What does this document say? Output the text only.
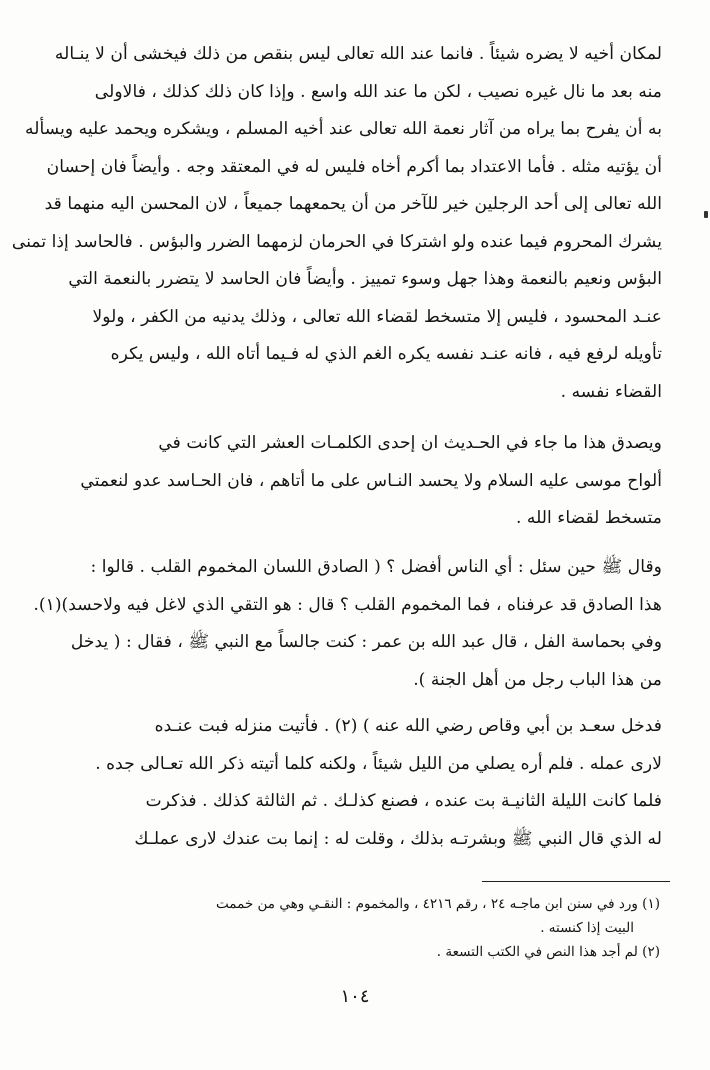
لمكان أخيه لا يضره شيئاً . فانما عند الله تعالى ليس بنقص من ذلك فيخشى أن لا ينـاله
منه بعد ما نال غيره نصيب ، لكن ما عند الله واسع . وإذا كان ذلك كذلك ، فالاولى
به أن يفرح بما يراه من آثار نعمة الله تعالى عند أخيه المسلم ، ويشكره ويحمد عليه ويسأله
أن يؤتيه مثله . فأما الاعتداد بما أكرم أخاه فليس له في المعتقد وجه . وأيضاً فان إحسان
الله تعالى إلى أحد الرجلين خير للآخر من أن يحمعهما جميعاً ، لان المحسن اليه منهما قد
يشرك المحروم فيما عنده ولو اشتركا في الحرمان لزمهما الضرر والبؤس . فالحاسد إذا تمنى
البؤس ونعيم بالنعمة وهذا جهل وسوء تمييز . وأيضاً فان الحاسد لا يتضرر بالنعمة التي
عنـد المحسود ، فليس إلا متسخط لقضاء الله تعالى ، وذلك يدنيه من الكفر ، ولولا
تأويله لرفع فيه ، فانه عنـد نفسه يكره الغم الذي له فـيما أتاه الله ، وليس يكره
القضاء نفسه .
ويصدق هذا ما جاء في الحـديث ان إحدى الكلمـات العشر التي كانت في
ألواح موسى عليه السلام ولا يحسد النـاس على ما أتاهم ، فان الحـاسد عدو لنعمتي
متسخط لقضاء الله .
وقال ﷺ حين سئل : أي الناس أفضل ؟ ( الصادق اللسان المخموم القلب . قالوا :
هذا الصادق قد عرفناه ، فما المخموم القلب ؟ قال : هو التقي الذي لاغل فيه ولاحسد)(١).
وفي بحماسة الفل ، قال عبد الله بن عمر : كنت جالساً مع النبي ﷺ ، فقال : ( يدخل
من هذا الباب رجل من أهل الجنة ).
فدخل سعـد بن أبي وقاص رضي الله عنه ) (٢) . فأتيت منزله فبت عنـده
لارى عمله . فلم أره يصلي من الليل شيئاً ، ولكنه كلما أتيته ذكر الله تعـالى جده .
فلما كانت الليلة الثانيـة بت عنده ، فصنع كذلـك . ثم الثالثة كذلك . فذكرت
له الذي قال النبي ﷺ وبشرتـه بذلك ، وقلت له : إنما بت عندك لارى عملـك
(١) ورد في سنن ابن ماجـه ٢٤ ، رقم ٤٢١٦ ، والمخموم : النقـي وهي من خممت
البيت إذا كنسته .
(٢) لم أجد هذا النص في الكتب التسعة .
١٠٤
